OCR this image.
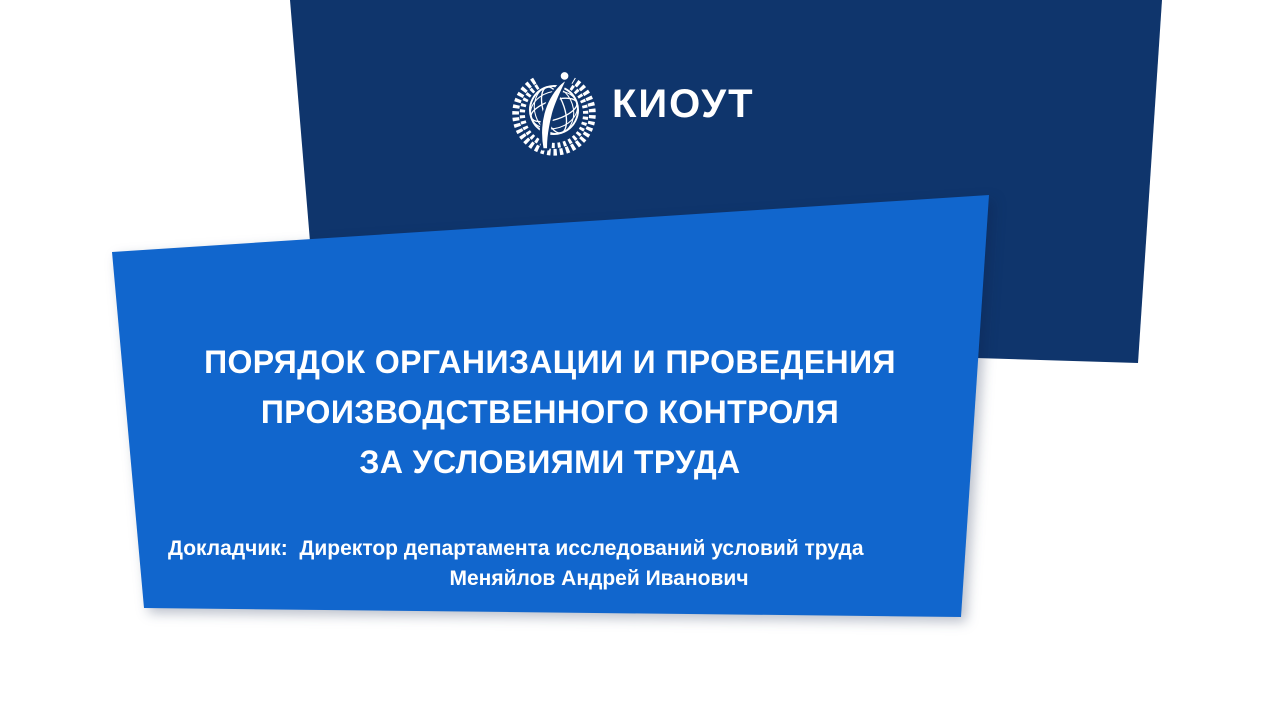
КИОУТ
ПОРЯДОК ОРГАНИЗАЦИИ И ПРОВЕДЕНИЯ
ПРОИЗВОДСТВЕННОГО КОНТРОЛЯ
ЗА УСЛОВИЯМИ ТРУДА
Докладчик:  Директор департамента исследований условий труда
Меняйлов Андрей Иванович
